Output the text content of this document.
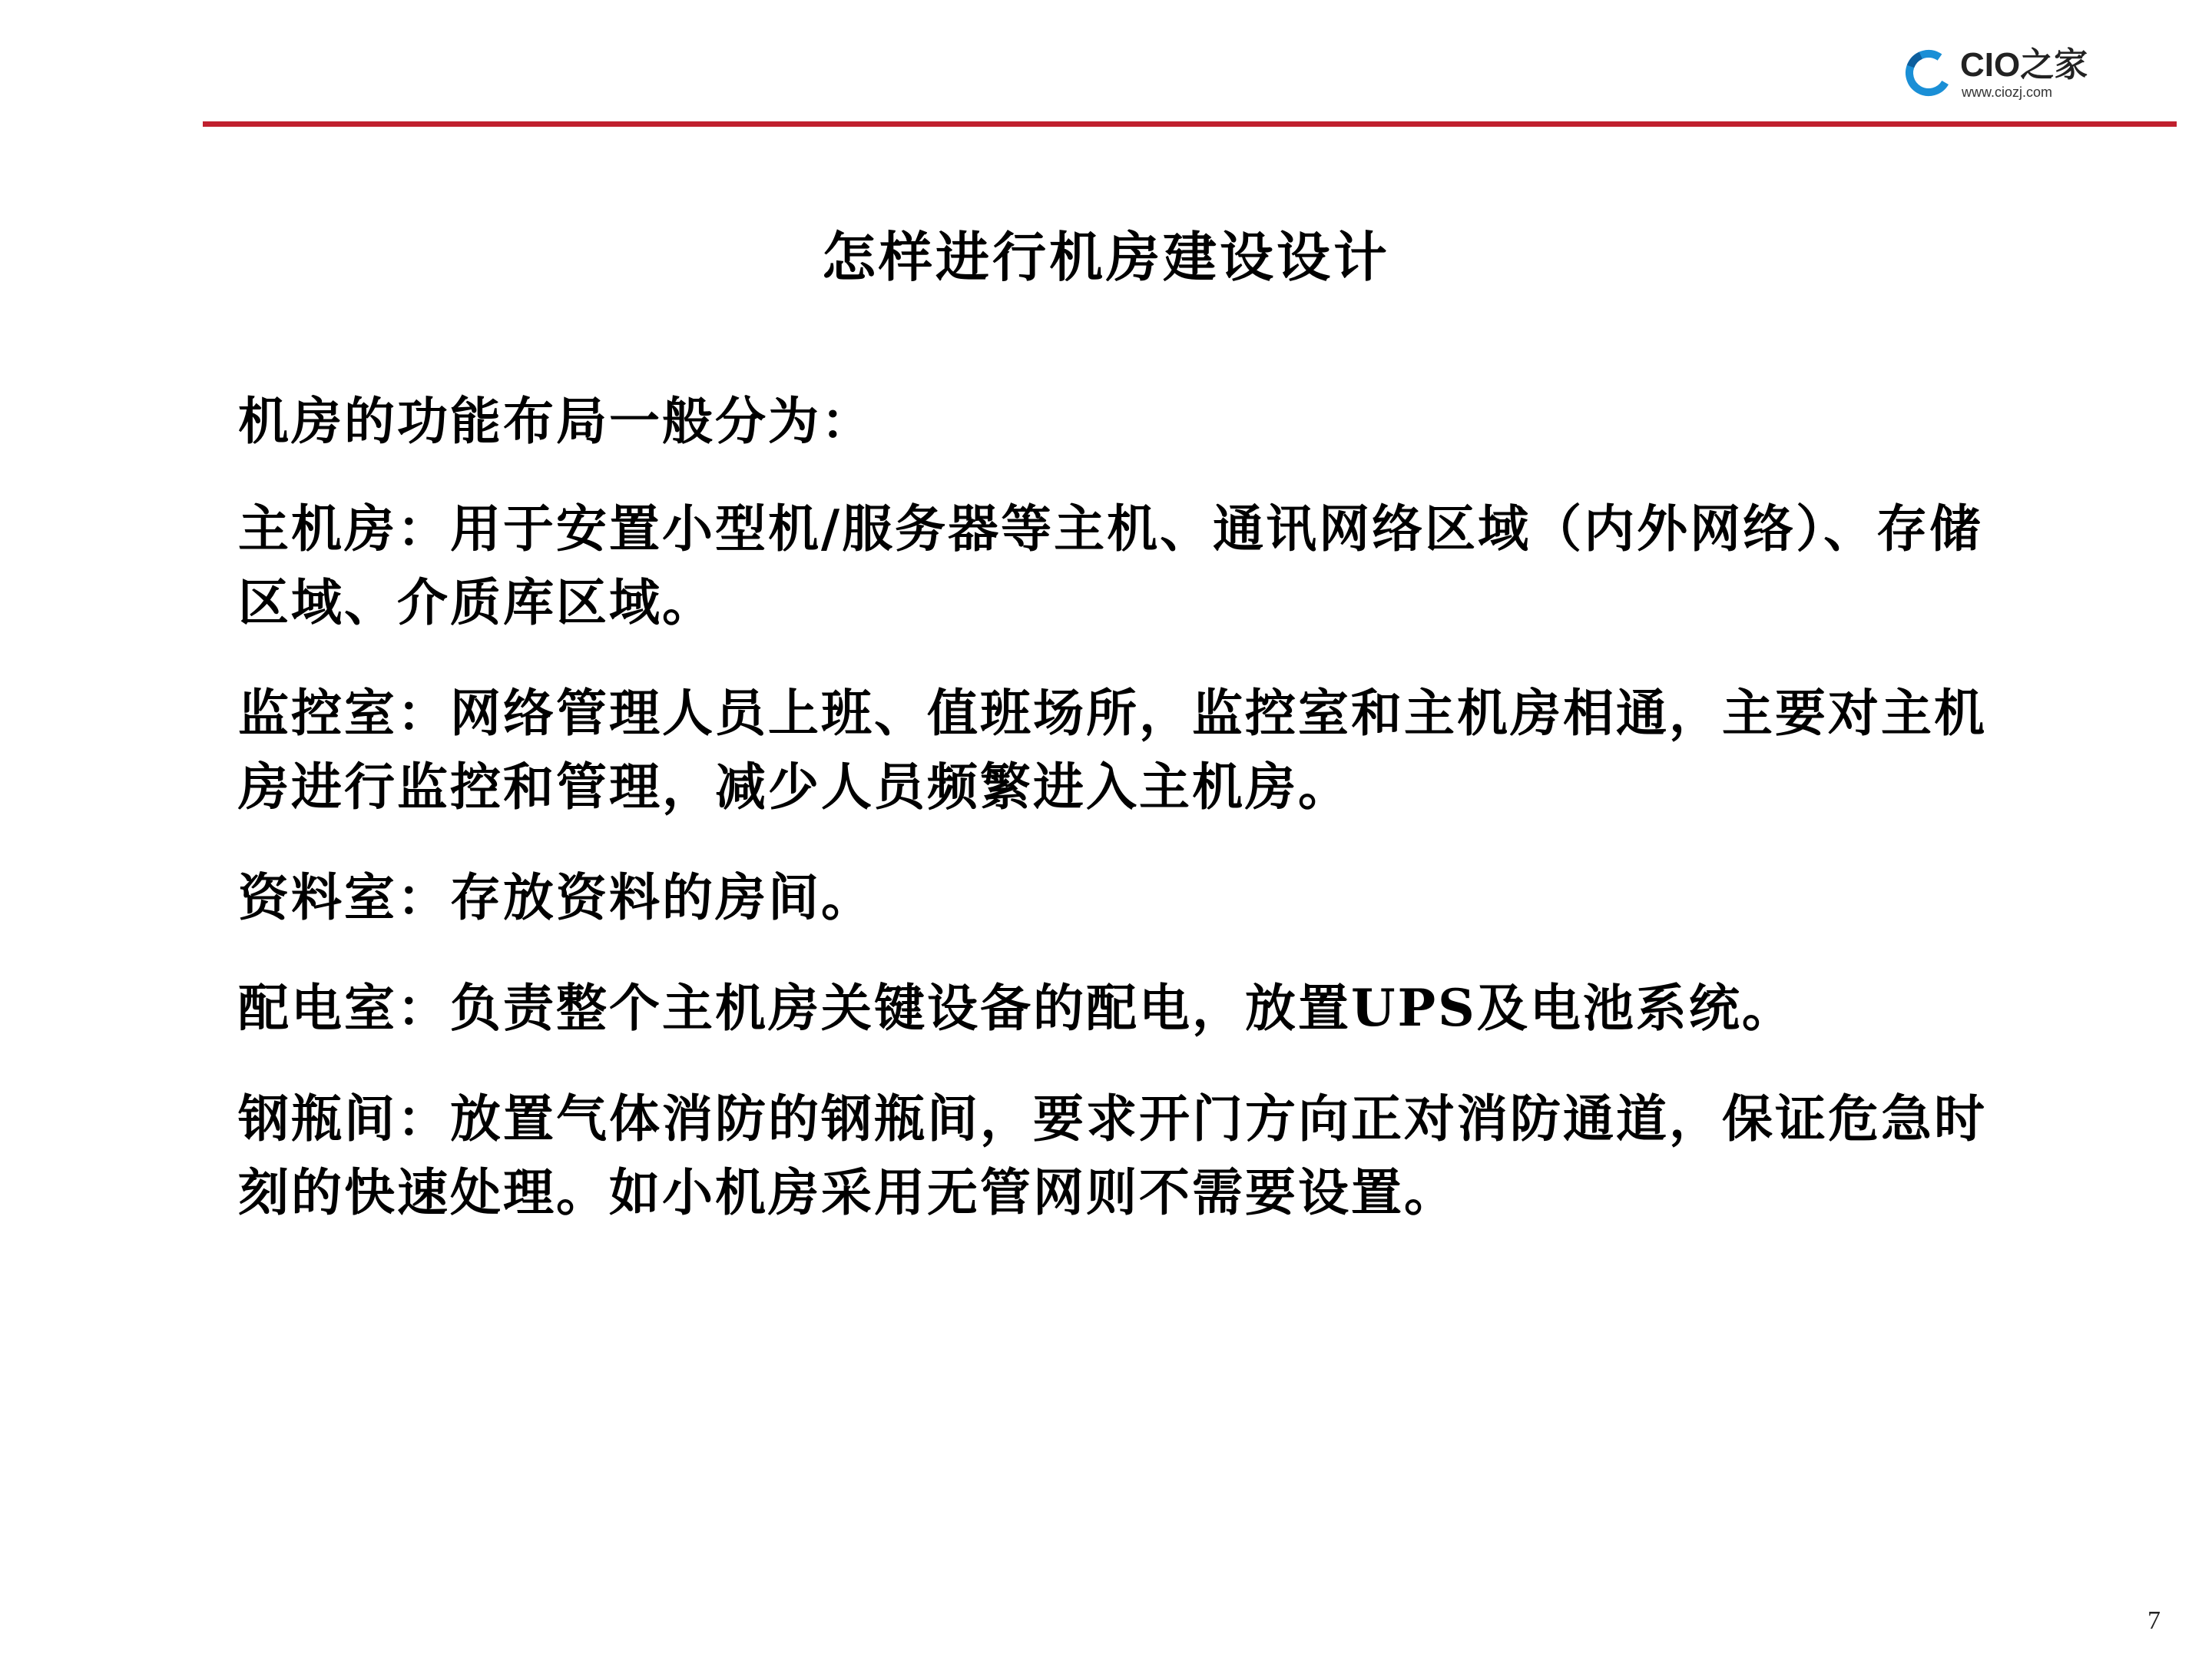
CIO之家
www.ciozj.com
怎样进行机房建设设计

机房的功能布局一般分为：

主机房：用于安置小型机/服务器等主机、通讯网络区域（内外网络）、存储区域、介质库区域。

监控室：网络管理人员上班、值班场所，监控室和主机房相通，主要对主机房进行监控和管理，减少人员频繁进入主机房。

资料室：存放资料的房间。

配电室：负责整个主机房关键设备的配电，放置UPS及电池系统。

钢瓶间：放置气体消防的钢瓶间，要求开门方向正对消防通道，保证危急时刻的快速处理。如小机房采用无管网则不需要设置。

7
